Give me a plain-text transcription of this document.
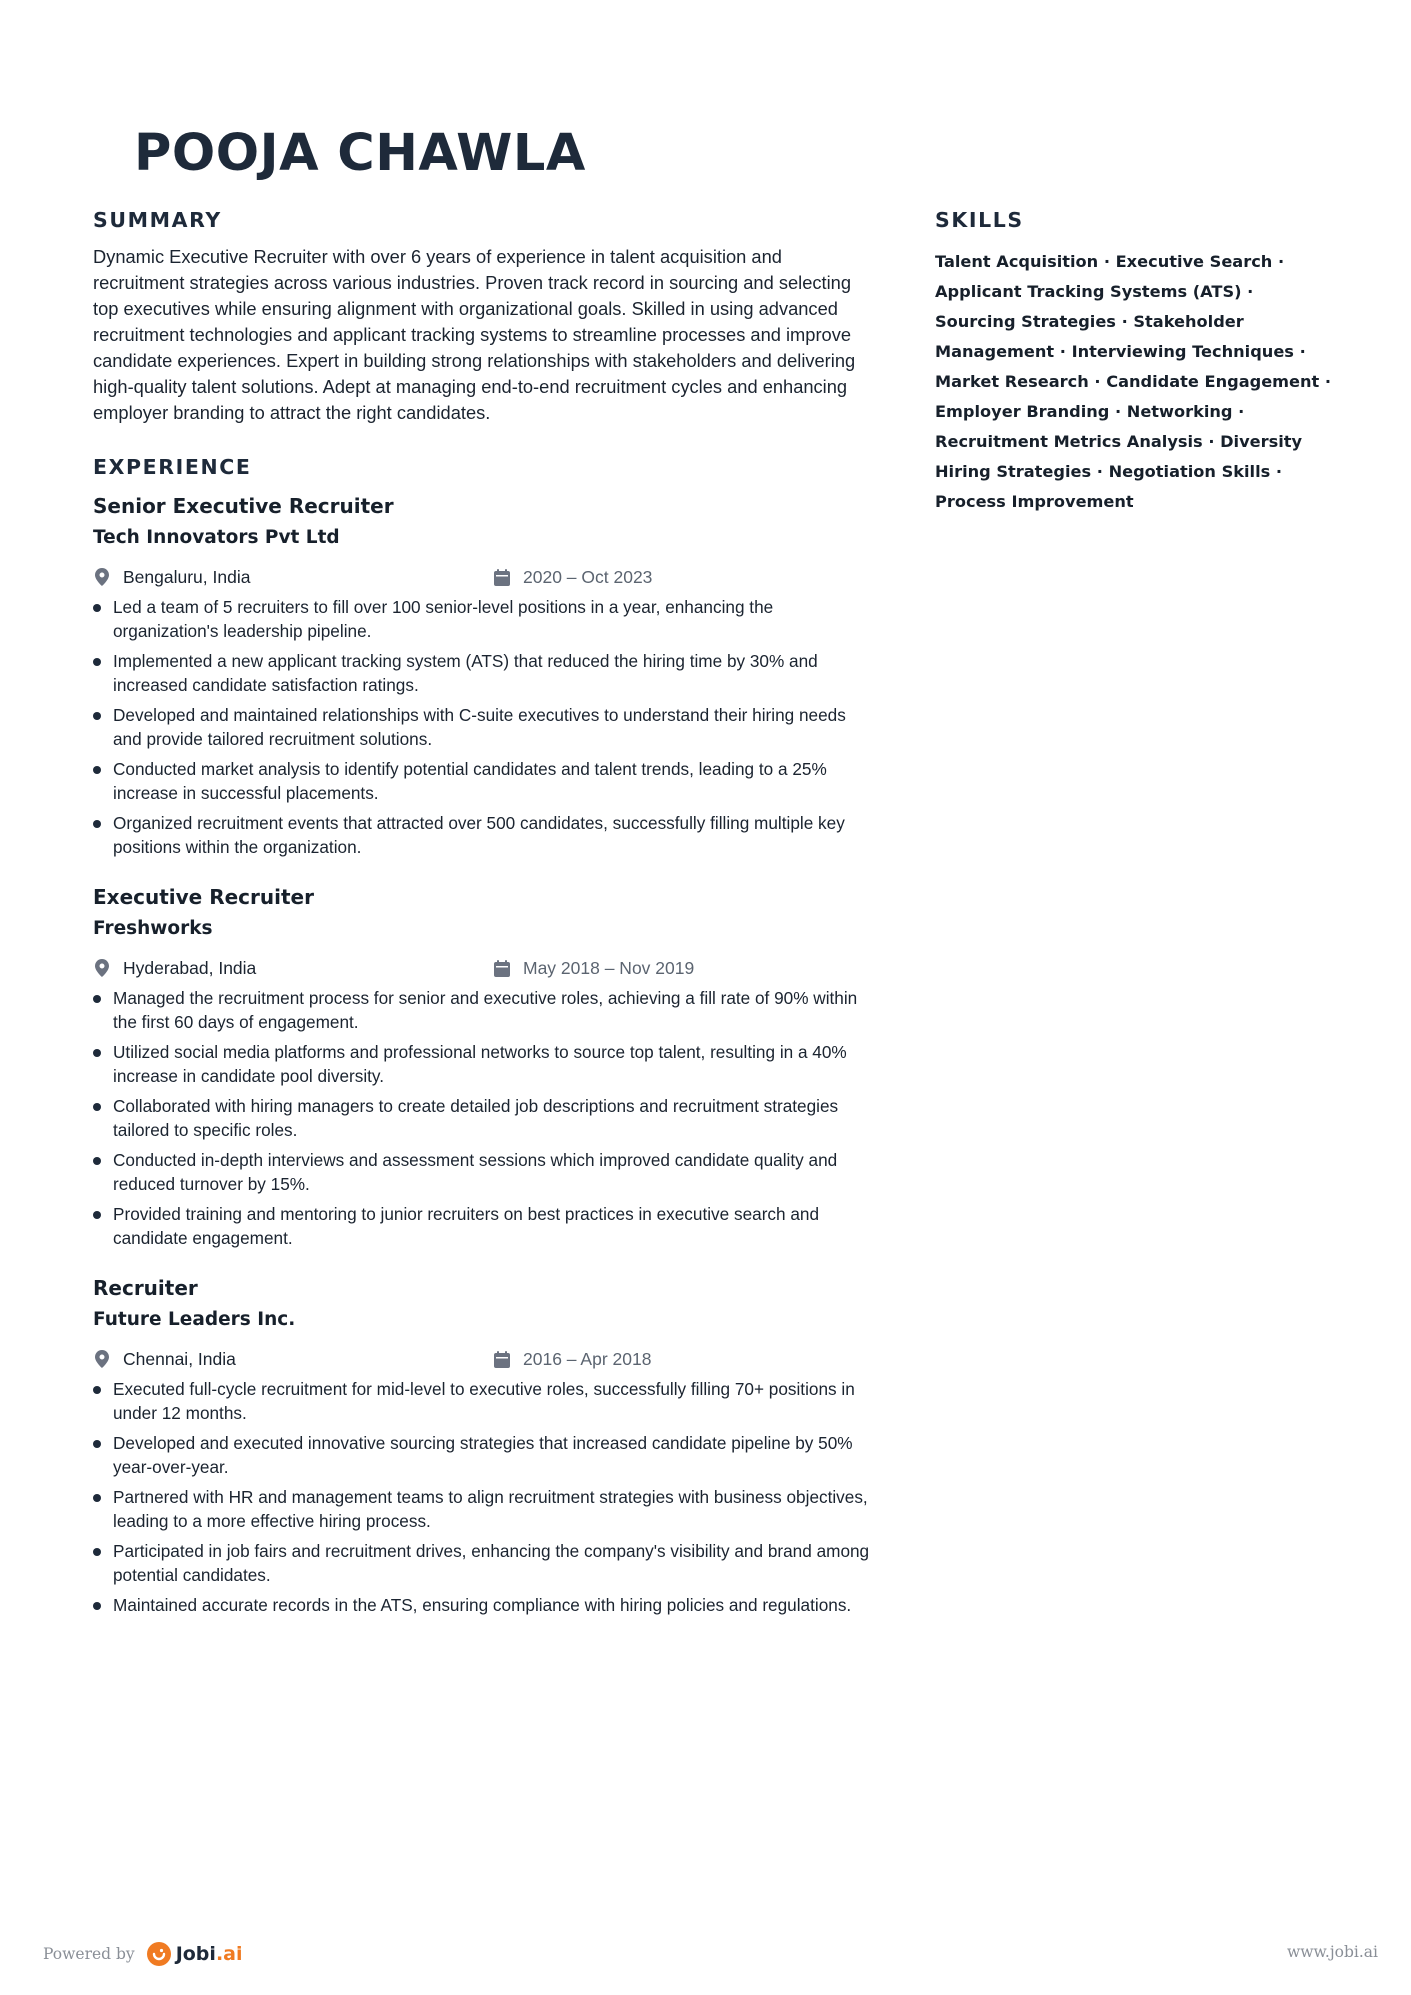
POOJA CHAWLA
SUMMARY

Dynamic Executive Recruiter with over 6 years of experience in talent acquisition and recruitment strategies across various industries. Proven track record in sourcing and selecting top executives while ensuring alignment with organizational goals. Skilled in using advanced recruitment technologies and applicant tracking systems to streamline processes and improve candidate experiences. Expert in building strong relationships with stakeholders and delivering high-quality talent solutions. Adept at managing end-to-end recruitment cycles and enhancing employer branding to attract the right candidates.

EXPERIENCE
Senior Executive Recruiter
Tech Innovators Pvt Ltd
Bengaluru, India	2020 – Oct 2023
Led a team of 5 recruiters to fill over 100 senior-level positions in a year, enhancing the organization's leadership pipeline.
Implemented a new applicant tracking system (ATS) that reduced the hiring time by 30% and increased candidate satisfaction ratings.
Developed and maintained relationships with C-suite executives to understand their hiring needs and provide tailored recruitment solutions.
Conducted market analysis to identify potential candidates and talent trends, leading to a 25% increase in successful placements.
Organized recruitment events that attracted over 500 candidates, successfully filling multiple key positions within the organization.
Executive Recruiter
Freshworks
Hyderabad, India	May 2018 – Nov 2019
Managed the recruitment process for senior and executive roles, achieving a fill rate of 90% within the first 60 days of engagement.
Utilized social media platforms and professional networks to source top talent, resulting in a 40% increase in candidate pool diversity.
Collaborated with hiring managers to create detailed job descriptions and recruitment strategies tailored to specific roles.
Conducted in-depth interviews and assessment sessions which improved candidate quality and reduced turnover by 15%.
Provided training and mentoring to junior recruiters on best practices in executive search and candidate engagement.
Recruiter
Future Leaders Inc.
Chennai, India	2016 – Apr 2018
Executed full-cycle recruitment for mid-level to executive roles, successfully filling 70+ positions in under 12 months.
Developed and executed innovative sourcing strategies that increased candidate pipeline by 50% year-over-year.
Partnered with HR and management teams to align recruitment strategies with business objectives, leading to a more effective hiring process.
Participated in job fairs and recruitment drives, enhancing the company's visibility and brand among potential candidates.
Maintained accurate records in the ATS, ensuring compliance with hiring policies and regulations.
SKILLS

Talent Acquisition · Executive Search · Applicant Tracking Systems (ATS) · Sourcing Strategies · Stakeholder Management · Interviewing Techniques · Market Research · Candidate Engagement · Employer Branding · Networking · Recruitment Metrics Analysis · Diversity Hiring Strategies · Negotiation Skills · Process Improvement

Powered by Jobi.ai	www.jobi.ai
